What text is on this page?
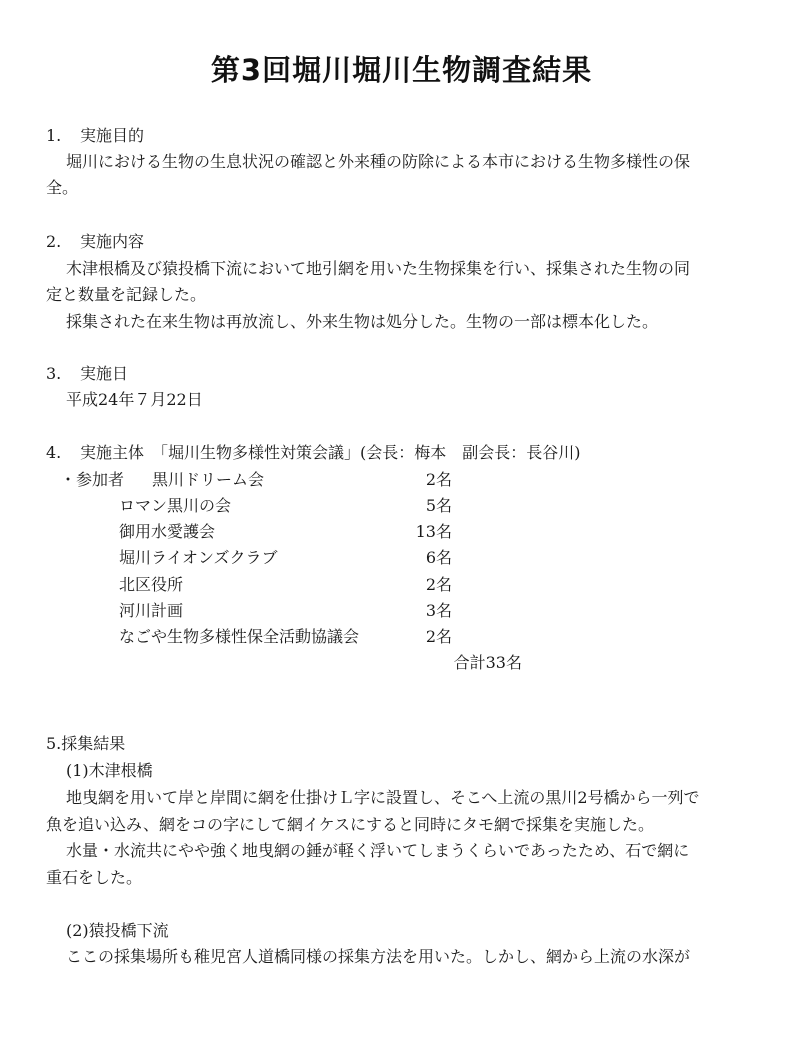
第3回堀川堀川生物調査結果
1. 実施目的
堀川における生物の生息状況の確認と外来種の防除による本市における生物多様性の保
全。
2. 実施内容
木津根橋及び猿投橋下流において地引網を用いた生物採集を行い、採集された生物の同
定と数量を記録した。
採集された在来生物は再放流し、外来生物は処分した。生物の一部は標本化した。
3. 実施日
平成24年７月22日
4. 実施主体　「堀川生物多様性対策会議」(会長：梅本　副会長：長谷川)
・参加者 黒川ドリーム会	2名
ロマン黒川の会	5名
御用水愛護会	13名
堀川ライオンズクラブ	6名
北区役所	2名
河川計画	3名
なごや生物多様性保全活動協議会	2名
合計33名
5.採集結果
(1)木津根橋
地曳網を用いて岸と岸間に網を仕掛けＬ字に設置し、そこへ上流の黒川2号橋から一列で
魚を追い込み、網をコの字にして網イケスにすると同時にタモ網で採集を実施した。
水量・水流共にやや強く地曳網の錘が軽く浮いてしまうくらいであったため、石で網に
重石をした。
(2)猿投橋下流
ここの採集場所も稚児宮人道橋同様の採集方法を用いた。しかし、網から上流の水深が
